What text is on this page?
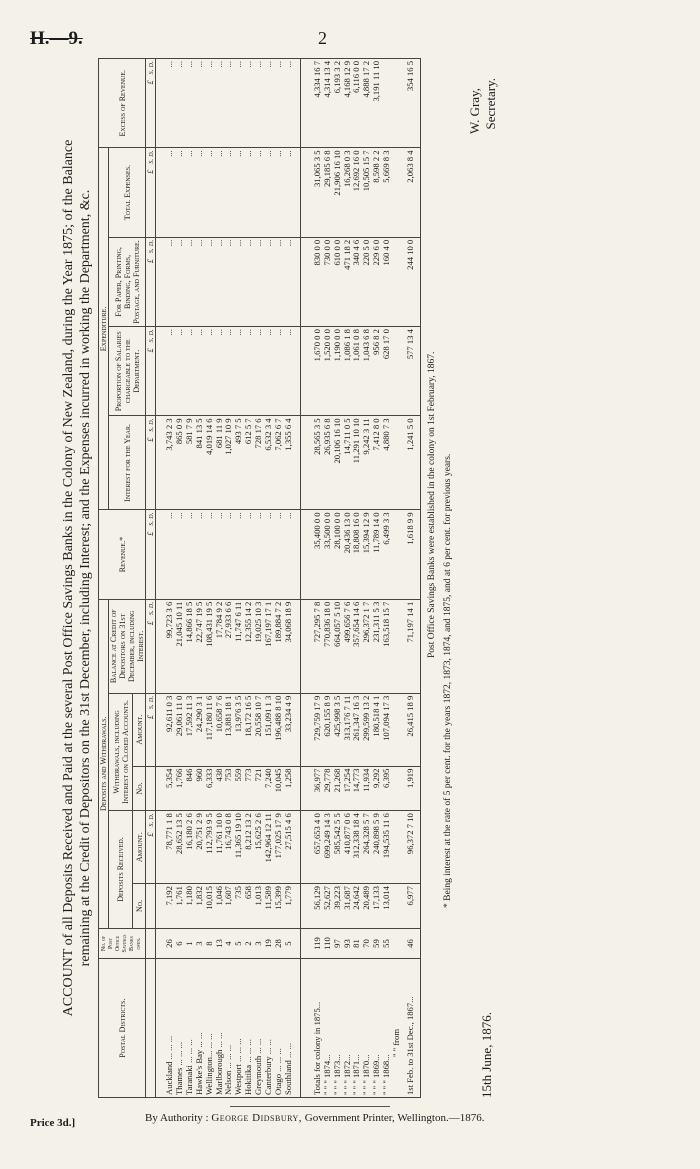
H.—9.	2
ACCOUNT of all Deposits Received and Paid at the several Post Office Savings Banks in the Colony of New Zealand, during the Year 1875; of the Balance remaining at the Credit of Depositors on the 31st December, including Interest; and the Expenses incurred in working the Department, &c.
Postal Districts.	No. of Post Office Savings Banks open.	Deposits and Withdrawals.					Revenue.*	Expenditure.				Excess of Revenue.
		Deposits Received.		Withdrawals, including Interest on Closed Accounts.		Balance at Credit of Depositors on 31st December, including Interest.		Interest for the Year.	Proportion of Salaries chargeable to the Department.	For Paper, Printing, Binding, Forms, Postage, and Furniture.	Total Expenses.	
		No.	Amount.	No.	Amount.							
			£   s. d.		£   s. d.	£   s. d.	£   s. d.	£   s. d.	£   s. d.	£   s. d.	£   s. d.	£   s. d.

Auckland ... ... ...	26	7,192	78,771 1 8	5,354	92,611 0 3	99,723 3 6	...	3,743 2 3	...	...	...	...
Thames ... ... ...	6	1,761	28,652 13 5	1,766	29,061 11 0	21,045 10 11	...	865 0 9	...	...	...	...
Taranaki ... ... ...	1	1,180	16,180 2 6	846	17,592 11 3	14,866 18 5	...	581 7 9	...	...	...	...
Hawke's Bay ... ...	3	1,832	20,751 2 9	960	24,290 3 1	22,747 19 5	...	841 13 5	...	...	...	...
Wellington... ... ...	8	10,015	112,793 9 5	6,333	117,180 11 6	108,431 19 5	...	4,019 14 6	...	...	...	...
Marlborough ... ...	13	1,046	11,761 10 0	438	10,658 7 6	17,784 9 2	...	681 11 9	...	...	...	...
Nelson ... ... ...	4	1,607	16,743 0 8	753	13,881 18 1	27,933 6 6	...	1,027 10 9	...	...	...	...
Westport ... ... ...	5	735	11,365 19 10	559	13,976 3 5	11,747 6 11	...	493 7 5	...	...	...	...
Hokitika ... ... ...	2	658	8,212 13 2	773	18,172 16 5	12,355 14 2	...	612 5 7	...	...	...	...
Greymouth ... ...	3	1,013	15,625 2 6	721	20,558 10 7	19,025 10 3	...	728 17 6	...	...	...	...
Canterbury ... ...	19	11,589	142,964 12 11	7,240	151,091 1 3	167,197 17 1	...	6,532 3 4	...	...	...	...
Otago ... ... ...	28	15,399	177,025 17 9	10,045	196,488 8 10	189,884 7 2	...	7,062 6 7	...	...	...	...
Southland ... ...	5	1,779	27,515 4 6	1,258	33,234 4 9	34,068 18 9	...	1,355 6 4	...	...	...	...

Totals for colony in 1875...	119	56,129	657,653 4 0	36,977	729,759 17 9	727,295 7 8	35,400 0 0	28,565 3 5	1,670 0 0	830 0 0	31,065 3 5	4,334 16 7
" " " 1874...	110	52,627	699,249 14 3	29,778	620,155 8 9	770,836 18 0	33,500 0 0	26,935 6 8	1,520 0 0	730 0 0	29,185 6 8	4,314 13 4
" " " 1873...	97	39,223	585,542 5 5	21,268	425,998 3 5	664,057 5 10	28,100 0 0	20,106 16 10	1,190 0 0	610 0 0	21,906 16 10	6,193 3 2
" " " 1872...	93	31,687	410,877 0 6	17,254	313,176 7 11	499,656 7 6	20,436 13 0	14,711 0 5	1,086 1 8	471 18 2	16,268 0 3	4,168 12 9
" " " 1871...	81	24,642	312,338 18 4	14,773	261,347 16 3	357,654 14 6	18,808 16 0	11,291 10 10	1,061 0 8	340 4 6	12,692 16 0	6,116 0 0
" " " 1870...	70	20,489	264,328 5 7	11,934	299,599 13 2	296,372 1 7	15,394 12 9	9,242 3 11	1,043 6 8	220 5 0	10,505 15 7	4,888 17 2
" " " 1869...	59	17,133	240,898 5 9	9,292	180,518 4 1	231,311 5 3	11,789 14 0	7,412 8 0	956 8 2	229 6 0	8,598 2 2	3,191 11 10
" " " 1868...	55	13,014	194,535 11 6	6,395	107,094 17 3	163,518 15 7	6,499 3 3	4,880 7 3	628 17 0	160 4 0	5,669 8 3	
" " from												
1st Feb. to 31st Dec., 1867...	46	6,977	96,372 7 10	1,919	26,415 18 9	71,197 14 1	1,618 9 9	1,241 5 0	577 13 4	244 10 0	2,063 8 4	354 16 5
Post Office Savings Banks were established in the colony on 1st February, 1867. * Being interest at the rate of 5 per cent. for the years 1872, 1873, 1874, and 1875, and at 6 per cent. for previous years.
15th June, 1876.
W. Gray, Secretary.
Price 3d.]	By Authority : George Didsbury, Government Printer, Wellington.—1876.
